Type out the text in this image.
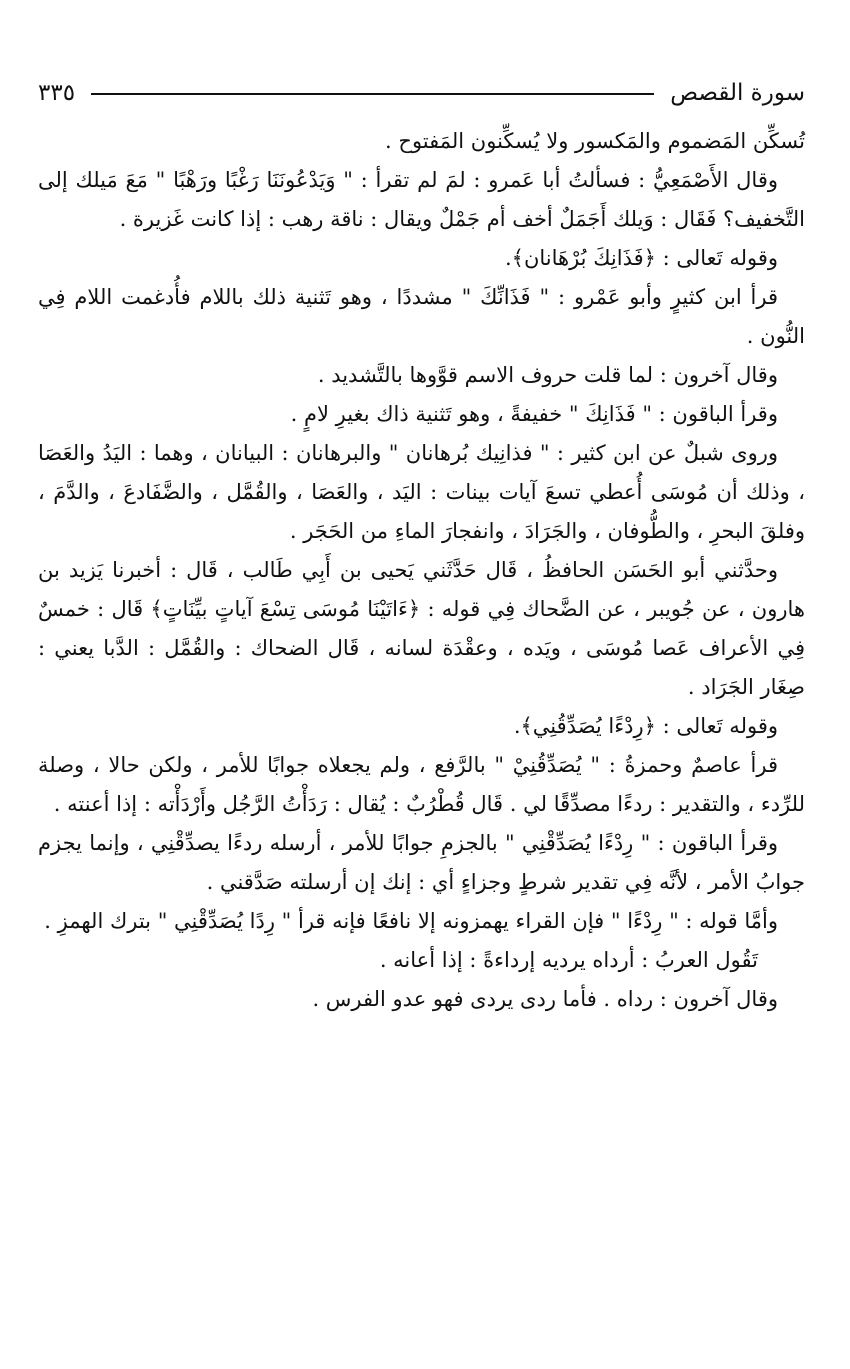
سورة القصص
٣٣٥

تُسكِّن المَضموم والمَكسور ولا يُسكِّنون المَفتوح .

وقال الأَصْمَعِيُّ : فسألتُ أبا عَمرو : لمَ لم تقرأ : " وَيَدْعُونَنَا رَغْبًا ورَهْبًا " مَعَ مَيلك إلى التَّخفيف؟ فَقَال : وَيلك أَجَمَلٌ أخف أم جَمْلٌ ويقال : ناقة رهب : إذا كانت غَزيرة .

وقوله تَعالى : ﴿فَذَانِكَ بُرْهَانان﴾.

قرأ ابن كثيرٍ وأبو عَمْرو : " فَذَانِّكَ " مشددًا ، وهو تَثنية ذلك باللام فأُدغمت اللام فِي النُّون .

وقال آخرون : لما قلت حروف الاسم قوَّوها بالتَّشديد .

وقرأ الباقون : " فَذَانِكَ " خفيفةً ، وهو تَثنية ذاك بغيرِ لامٍ .

وروى شبلٌ عن ابن كثير : " فذانِيك بُرهانان " والبرهانان : البيانان ، وهما : اليَدُ والعَصَا ، وذلك أن مُوسَى أُعطي تسعَ آيات بينات : اليَد ، والعَصَا ، والقُمَّل ، والضَّفَادعَ ، والدَّمَ ، وفلقَ البحرِ ، والطُّوفان ، والجَرَادَ ، وانفجارَ الماءِ من الحَجَر .

وحدَّثني أبو الحَسَن الحافظُ ، قَال حَدَّثَني يَحيى بن أَبِي طَالب ، قَال : أخبرنا يَزيد بن هارون ، عن جُويبر ، عن الضَّحاك فِي قوله : ﴿ءَاتَيْنَا مُوسَى تِسْعَ آياتٍ بيِّنَاتٍ﴾ قَال : خمسٌ فِي الأعراف عَصا مُوسَى ، ويَده ، وعقْدَة لسانه ، قَال الضحاك : والقُمَّل : الدَّبا يعني : صِغَار الجَرَاد .

وقوله تَعالى : ﴿رِدْءًا يُصَدِّقُنِي﴾.

قرأ عاصمٌ وحمزةُ : " يُصَدِّقُنِيْ " بالرَّفع ، ولم يجعلاه جوابًا للأمر ، ولكن حالا ، وصلة للرِّدء ، والتقدير : ردءًا مصدِّقًا لي . قَال قُطْرُبٌ : يُقال : رَدَأْتُ الرَّجُل وأَرْدَأْته : إذا أعنته .

وقرأ الباقون : " رِدْءًا يُصَدِّقْنِي " بالجزمِ جوابًا للأمر ، أرسله ردءًا يصدِّقْنِي ، وإنما يجزم جوابُ الأمر ، لأنَّه فِي تقدير شرطٍ وجزاءٍ أي : إنك إن أرسلته صَدَّقني .

وأمَّا قوله : " رِدْءًا " فإن القراء يهمزونه إلا نافعًا فإنه قرأ " رِدًا يُصَدِّقْنِي " بترك الهمزِ .

تَقُول العربُ : أرداه يرديه إرداءةً : إذا أعانه .

وقال آخرون : رداه . فأما ردى يردى فهو عدو الفرس .
